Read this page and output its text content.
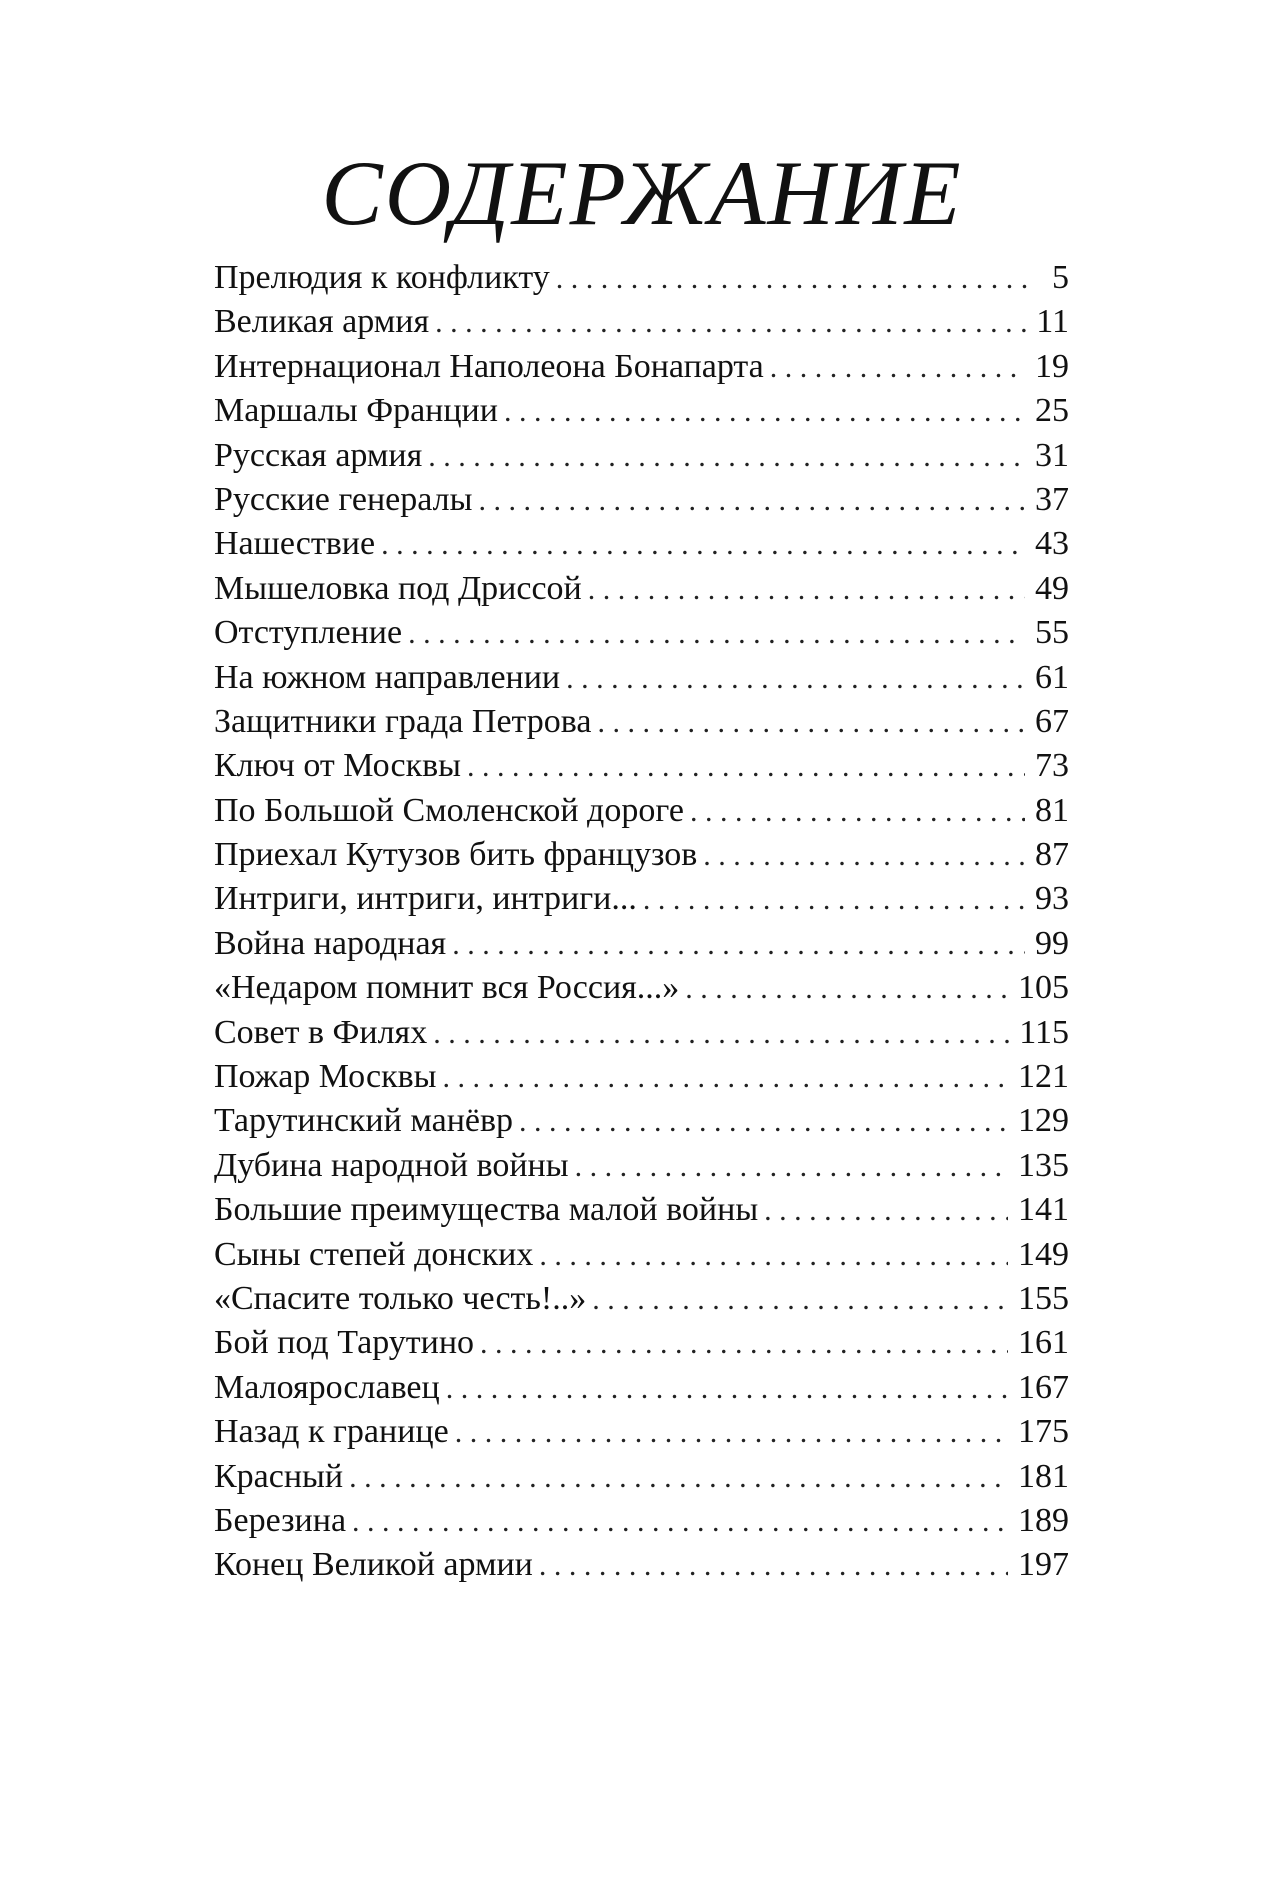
СОДЕРЖАНИЕ
Прелюдия к конфликту . . .	5
Великая армия . . .	11
Интернационал Наполеона Бонапарта . . .	19
Маршалы Франции . . .	25
Русская армия . . .	31
Русские генералы . . .	37
Нашествие . . .	43
Мышеловка под Дриссой . . .	49
Отступление . . .	55
На южном направлении . . .	61
Защитники града Петрова . . .	67
Ключ от Москвы . . .	73
По Большой Смоленской дороге . . .	81
Приехал Кутузов бить французов . . .	87
Интриги, интриги, интриги... . . .	93
Война народная . . .	99
«Недаром помнит вся Россия...» . . .	105
Совет в Филях . . .	115
Пожар Москвы . . .	121
Тарутинский манёвр . . .	129
Дубина народной войны . . .	135
Большие преимущества малой войны . . .	141
Сыны степей донских . . .	149
«Спасите только честь!..» . . .	155
Бой под Тарутино . . .	161
Малоярославец . . .	167
Назад к границе . . .	175
Красный . . .	181
Березина . . .	189
Конец Великой армии . . .	197
